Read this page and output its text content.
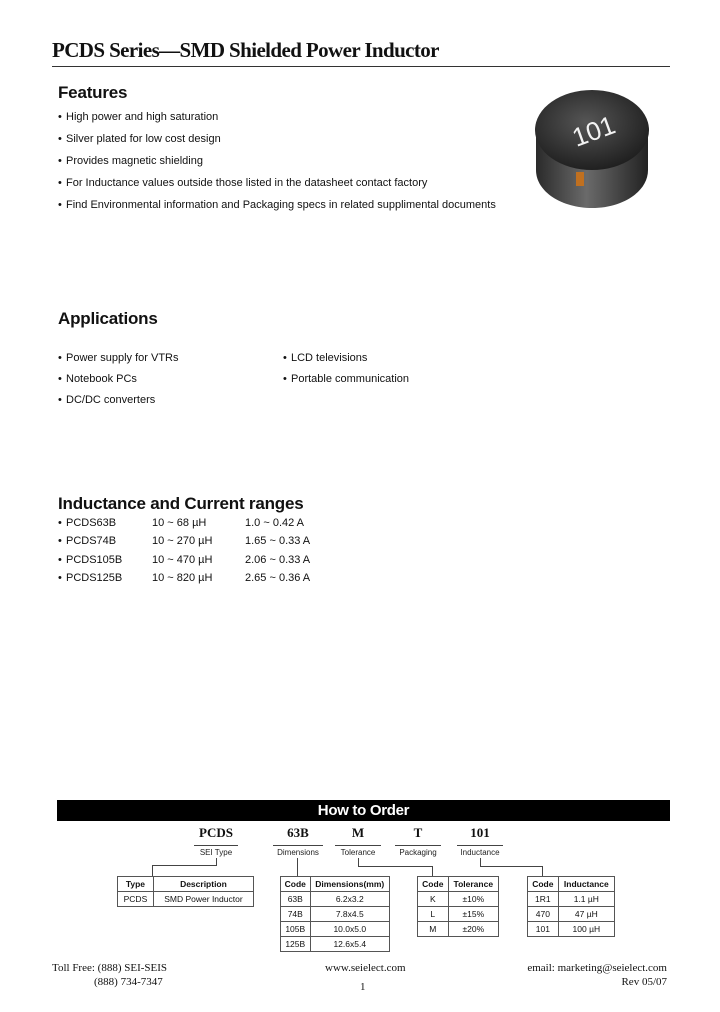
PCDS Series—SMD Shielded Power Inductor
101
Features
• High power and high saturation
• Silver plated for low cost design
• Provides magnetic shielding
• For Inductance values outside those listed in the datasheet contact factory
• Find Environmental information and Packaging specs in related supplimental documents
Applications
• Power supply for VTRs
• Notebook PCs
• DC/DC converters
• LCD televisions
• Portable communication
Inductance and Current ranges
• PCDS63B	10 ~ 68 µH	1.0 ~ 0.42 A
• PCDS74B	10 ~ 270 µH	1.65 ~ 0.33 A
• PCDS105B	10 ~ 470 µH	2.06 ~ 0.33 A
• PCDS125B	10 ~ 820 µH	2.65 ~ 0.36 A
How to Order
PCDS	63B	M	T	101
SEI Type	Dimensions	Tolerance	Packaging	Inductance
Type	Description
PCDS	SMD Power Inductor
Code	Dimensions(mm)
63B	6.2x3.2
74B	7.8x4.5
105B	10.0x5.0
125B	12.6x5.4
Code	Tolerance
K	±10%
L	±15%
M	±20%
Code	Inductance
1R1	1.1 µH
470	47 µH
101	100 µH
Toll Free: (888) SEI-SEIS
(888) 734-7347
www.seielect.com
1
email: marketing@seielect.com
Rev 05/07
